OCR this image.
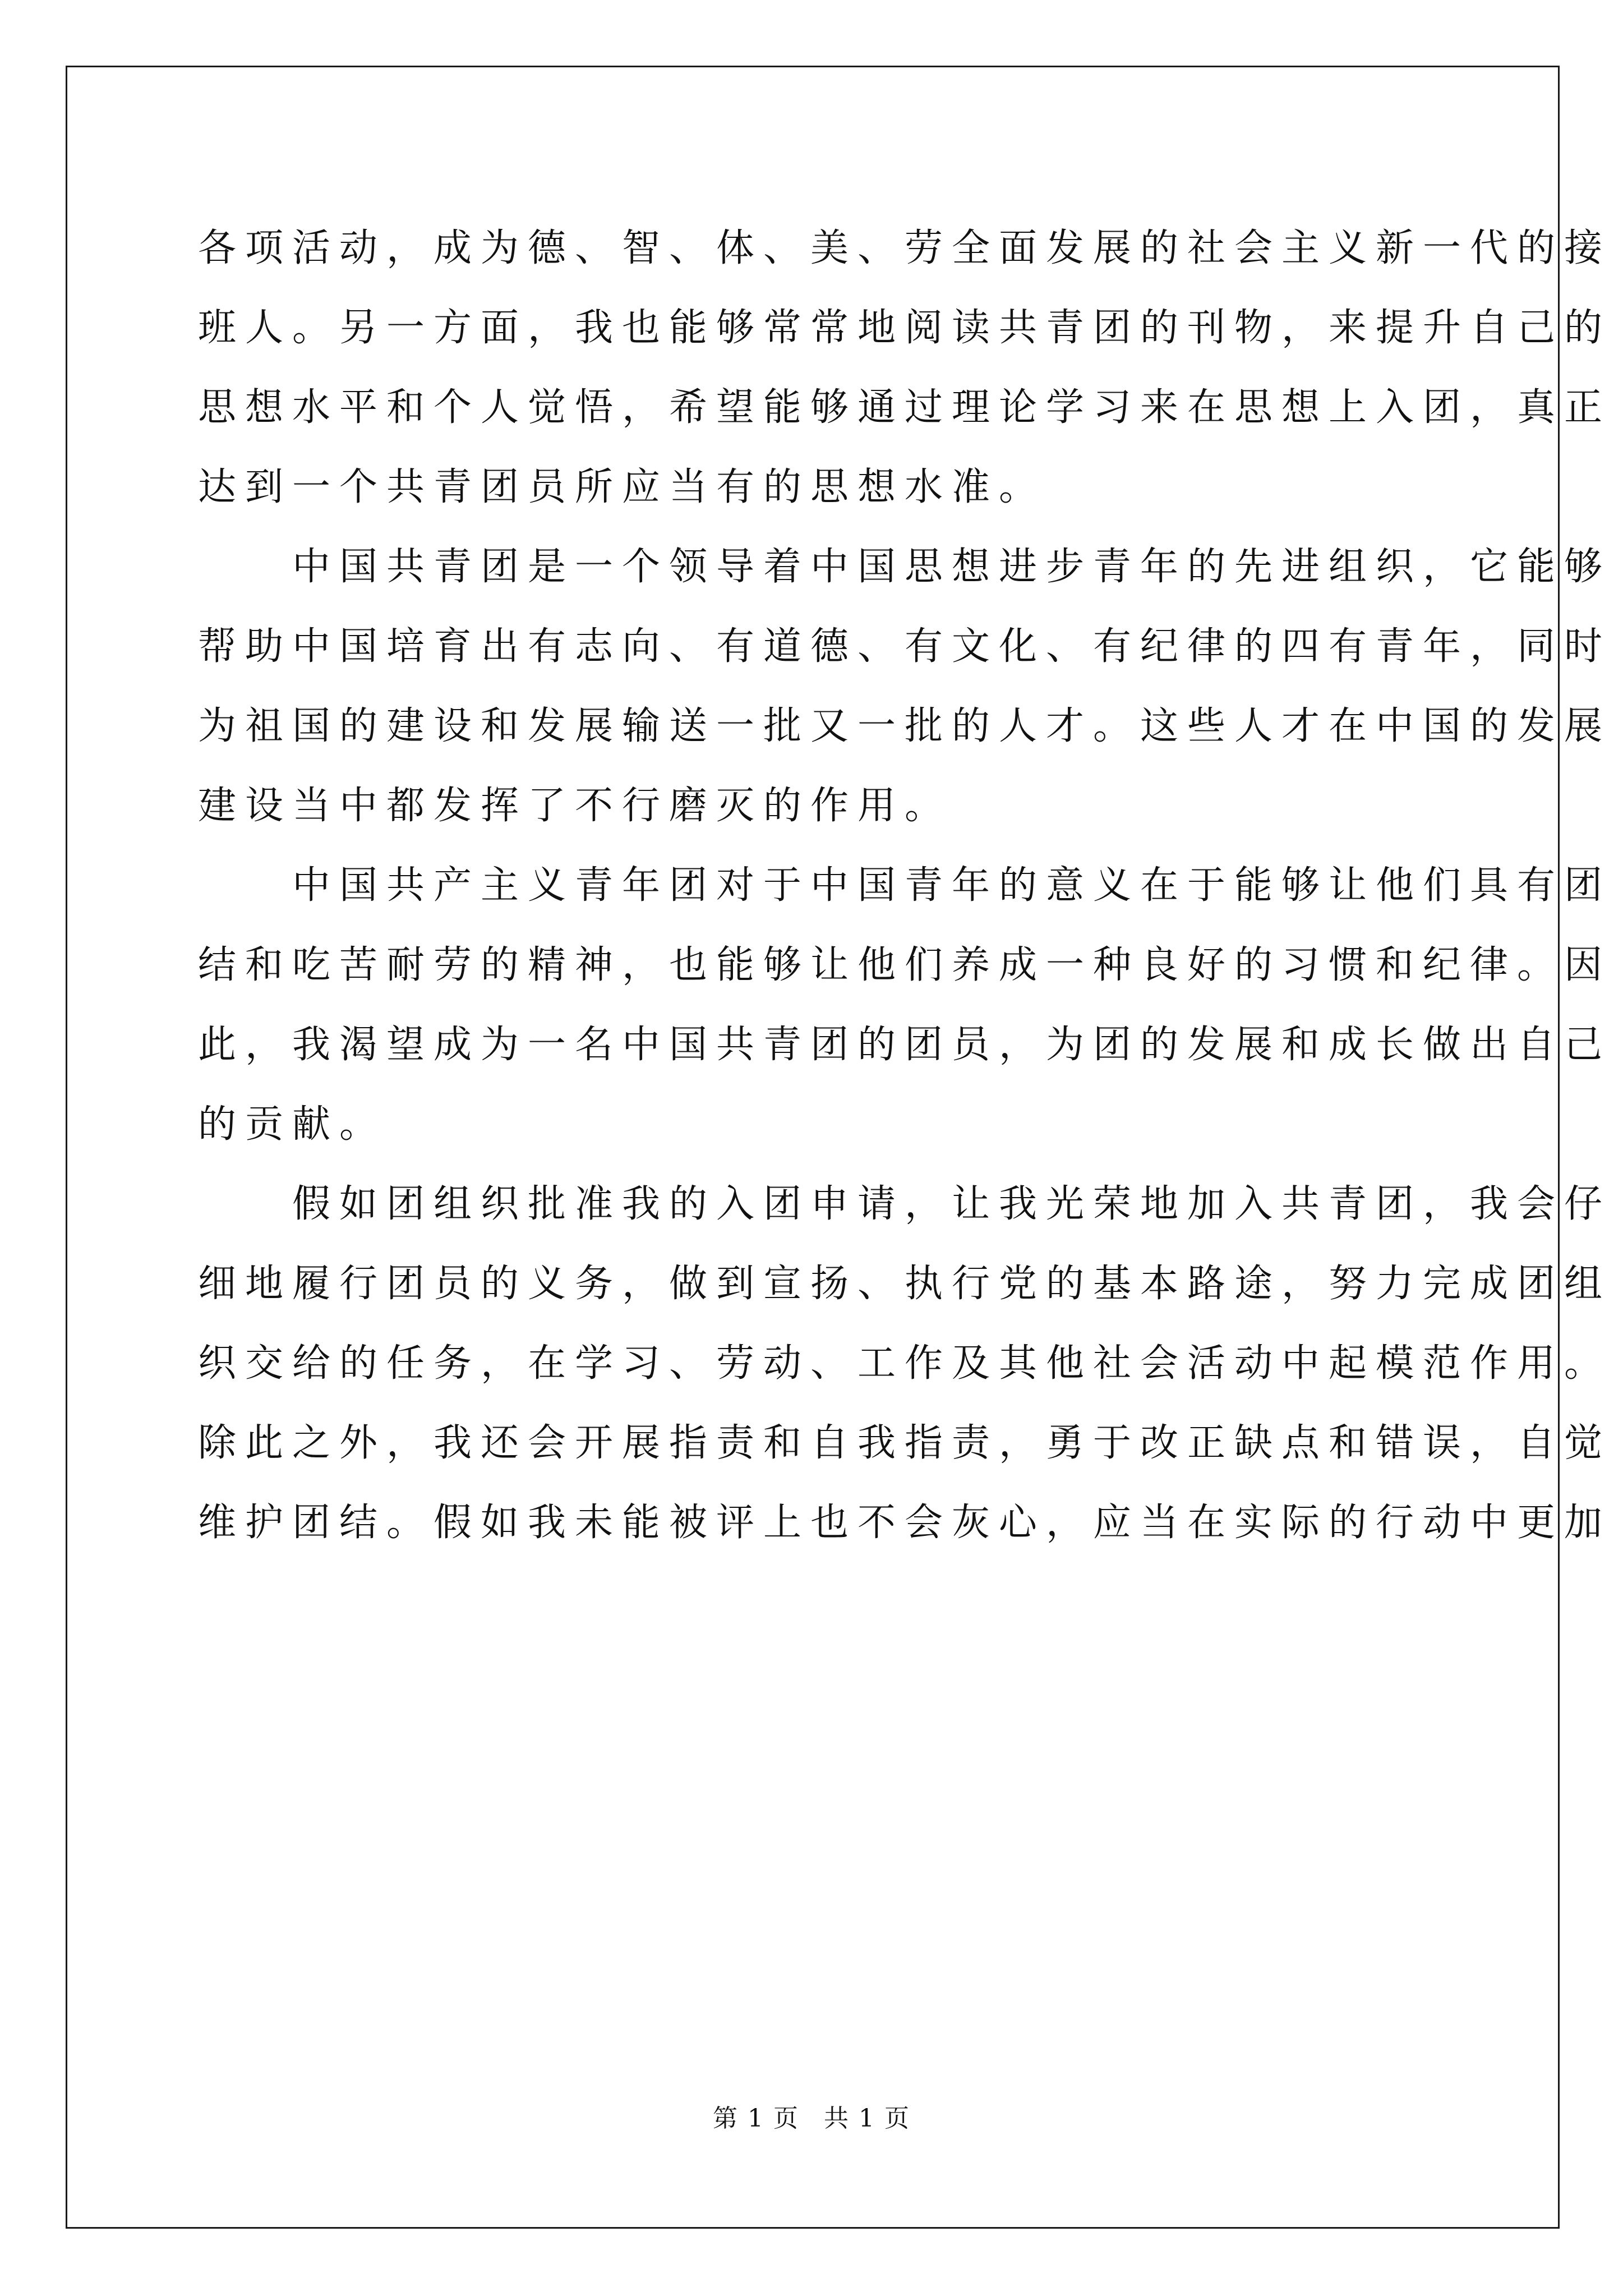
各项活动，成为德、智、体、美、劳全面发展的社会主义新一代的接
班人。另一方面，我也能够常常地阅读共青团的刊物，来提升自己的
思想水平和个人觉悟，希望能够通过理论学习来在思想上入团，真正
达到一个共青团员所应当有的思想水准。
　　中国共青团是一个领导着中国思想进步青年的先进组织，它能够
帮助中国培育出有志向、有道德、有文化、有纪律的四有青年，同时
为祖国的建设和发展输送一批又一批的人才。这些人才在中国的发展
建设当中都发挥了不行磨灭的作用。
　　中国共产主义青年团对于中国青年的意义在于能够让他们具有团
结和吃苦耐劳的精神，也能够让他们养成一种良好的习惯和纪律。因
此，我渴望成为一名中国共青团的团员，为团的发展和成长做出自己
的贡献。
　　假如团组织批准我的入团申请，让我光荣地加入共青团，我会仔
细地履行团员的义务，做到宣扬、执行党的基本路途，努力完成团组
织交给的任务，在学习、劳动、工作及其他社会活动中起模范作用。
除此之外，我还会开展指责和自我指责，勇于改正缺点和错误，自觉
维护团结。假如我未能被评上也不会灰心，应当在实际的行动中更加
第 1 页 共 1 页
